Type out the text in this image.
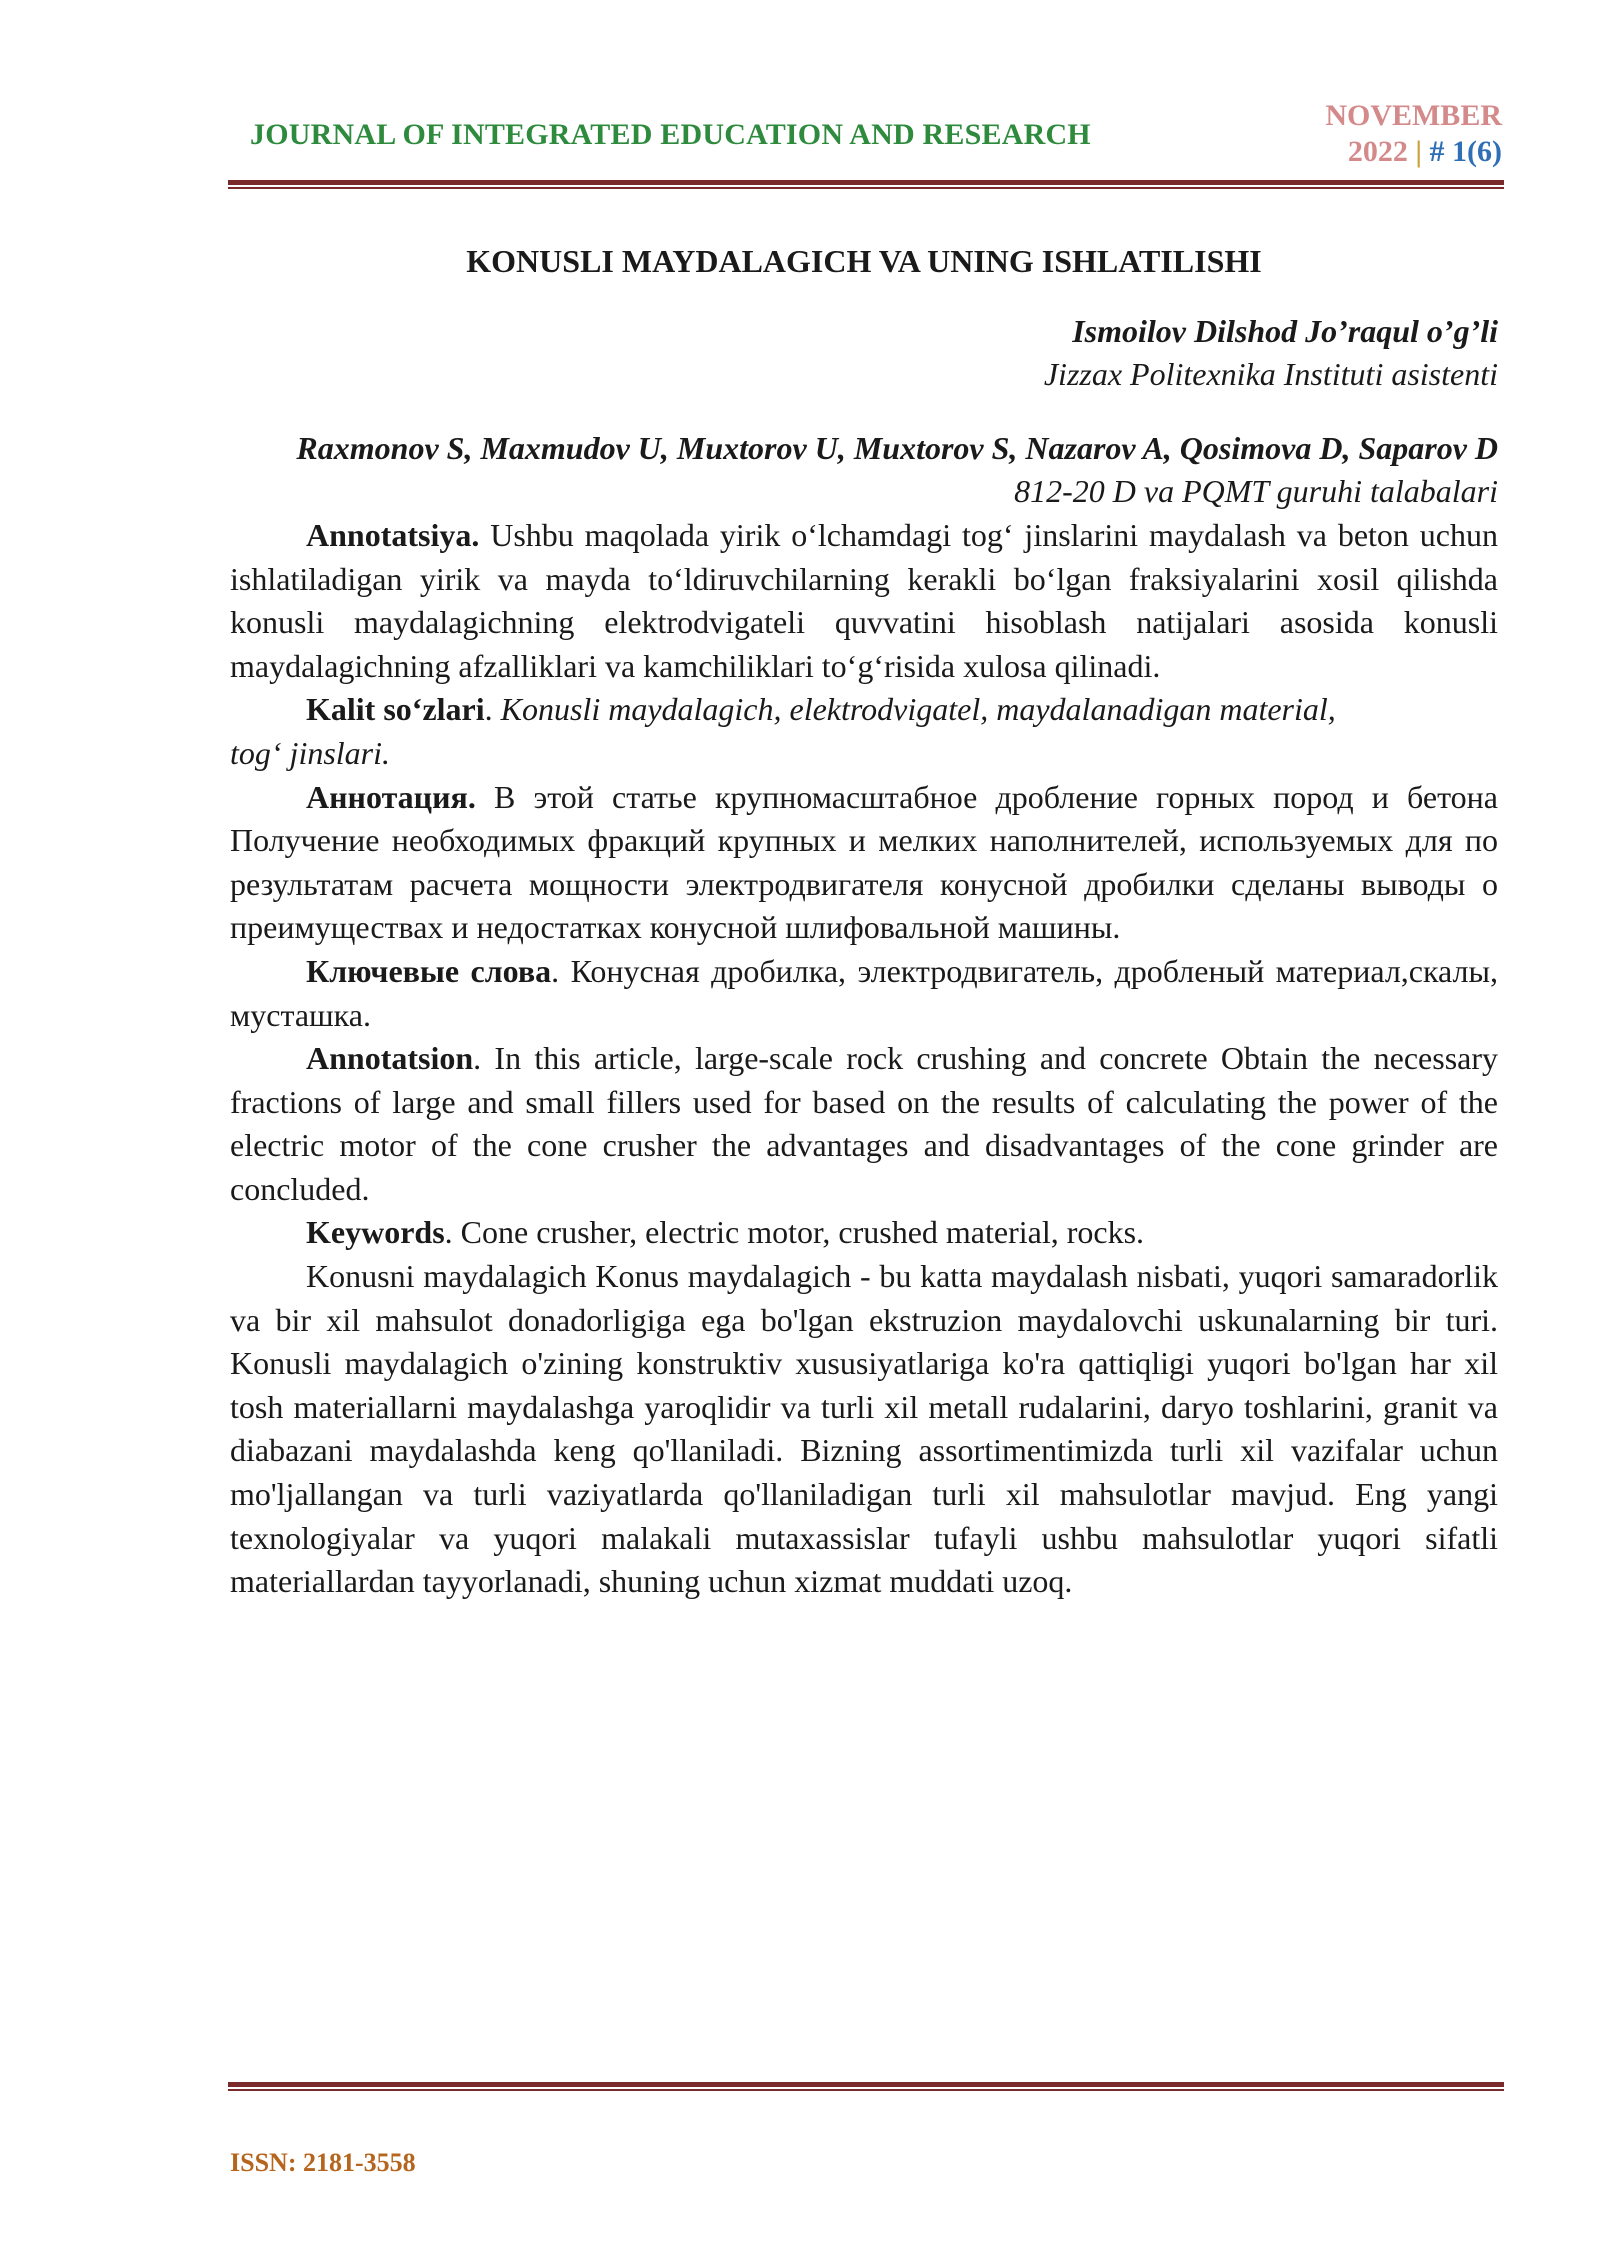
JOURNAL OF INTEGRATED EDUCATION AND RESEARCH
NOVEMBER
2022 | # 1(6)
KONUSLI MAYDALAGICH VA UNING ISHLATILISHI
Ismoilov Dilshod Jo’raqul o’g’li
Jizzax Politexnika Instituti asistenti
Raxmonov S, Maxmudov U, Muxtorov U, Muxtorov S, Nazarov A, Qosimova D, Saparov D
812-20 D va PQMT guruhi talabalari

Annotatsiya. Ushbu maqolada yirik o‘lchamdagi tog‘ jinslarini maydalash va beton uchun ishlatiladigan yirik va mayda to‘ldiruvchilarning kerakli bo‘lgan fraksiyalarini xosil qilishda konusli maydalagichning elektrodvigateli quvvatini hisoblash natijalari asosida konusli maydalagichning afzalliklari va kamchiliklari to‘g‘risida xulosa qilinadi.

Kalit so‘zlari. Konusli maydalagich, elektrodvigatel, maydalanadigan material,

tog‘ jinslari.

Аннотация. В этой статье крупномасштабное дробление горных пород и бетона Получение необходимых фракций крупных и мелких наполнителей, используемых для по результатам расчета мощности электродвигателя конусной дробилки сделаны выводы о преимуществах и недостатках конусной шлифовальной машины.

Ключевые слова. Конусная дробилка, электродвигатель, дробленый материал,скалы, мусташка.

Annotatsion. In this article, large-scale rock crushing and concrete Obtain the necessary fractions of large and small fillers used for based on the results of calculating the power of the electric motor of the cone crusher the advantages and disadvantages of the cone grinder are concluded.

Keywords. Cone crusher, electric motor, crushed material, rocks.

Konusni maydalagich Konus maydalagich - bu katta maydalash nisbati, yuqori samaradorlik va bir xil mahsulot donadorligiga ega bo'lgan ekstruzion maydalovchi uskunalarning bir turi. Konusli maydalagich o'zining konstruktiv xususiyatlariga ko'ra qattiqligi yuqori bo'lgan har xil tosh materiallarni maydalashga yaroqlidir va turli xil metall rudalarini, daryo toshlarini, granit va diabazani maydalashda keng qo'llaniladi. Bizning assortimentimizda turli xil vazifalar uchun mo'ljallangan va turli vaziyatlarda qo'llaniladigan turli xil mahsulotlar mavjud. Eng yangi texnologiyalar va yuqori malakali mutaxassislar tufayli ushbu mahsulotlar yuqori sifatli materiallardan tayyorlanadi, shuning uchun xizmat muddati uzoq.

ISSN: 2181-3558
